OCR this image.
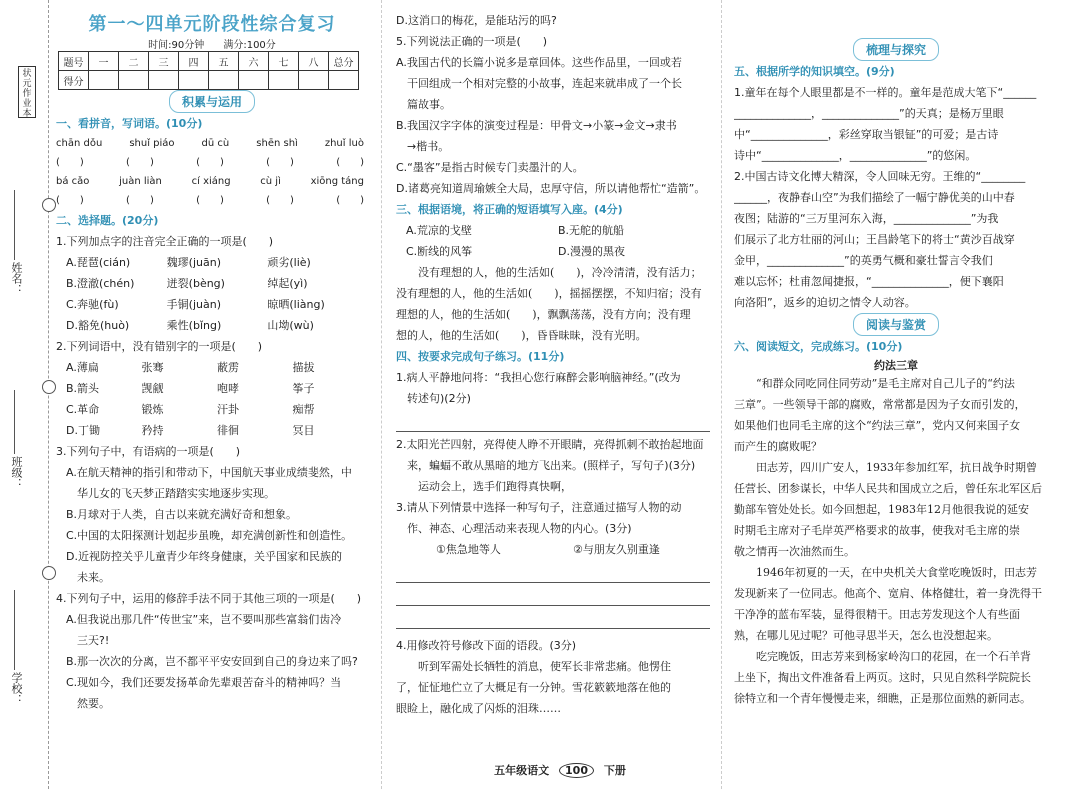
状元作业本
姓名：
班级：
学校：
第一～四单元阶段性综合复习
时间:90分钟 满分:100分
题号	一	二	三	四	五	六	七	八	总分
得分									
积累与运用
一、看拼音，写词语。(10分)
chān dǒu	shuǐ piáo	dū cù	shēn shì	zhuǐ luò
(　　)	(　　)	(　　)	(　　)	(　　)
bá cǎo	juàn liàn	cí xiáng	cù jì	xiōng táng
(　　)	(　　)	(　　)	(　　)	(　　)
二、选择题。(20分)
1.下列加点字的注音完全正确的一项是(　　)
A.琵琶(cián)	魏璆(juān)	顽劣(liè)
B.澄澈(chén)	迸裂(bèng)	绰起(yì)
C.奔驰(fù)	手铜(juàn)	晾晒(liàng)
D.豁免(huò)	乘性(bǐng)	山坳(wù)
2.下列词语中，没有错别字的一项是(　　)
A.薄扁	张骞	蔽雳	描拔
B.箭头	觊觎	咆哮	筝子
C.革命	锻炼	汗卦	痴帮
D.丁锄	矜持	徘徊	冥目
3.下列句子中，有语病的一项是(　　)
A.在航天精神的指引和带动下，中国航天事业成绩斐然，中
　华儿女的飞天梦正踏踏实实地逐步实现。
B.月球对于人类，自古以来就充满好奇和想象。
C.中国的太阳探测计划起步虽晚，却充满创新性和创造性。
D.近视防控关乎儿童青少年终身健康，关乎国家和民族的
　未来。
4.下列句子中，运用的修辞手法不同于其他三项的一项是(　　)
A.但我说出那几件“传世宝”来，岂不要叫那些富翁们齿冷
　三天?!
B.那一次次的分离，岂不都平平安安回到自己的身边来了吗?
C.现如今，我们还要发扬革命先辈艰苦奋斗的精神吗？当
　然要。
D.这消口的梅花，是能玷污的吗?
5.下列说法正确的一项是(　　)
A.我国古代的长篇小说多是章回体。这些作品里，一回或若
　干回组成一个相对完整的小故事，连起来就串成了一个长
　篇故事。
B.我国汉字字体的演变过程是：甲骨文→小篆→金文→隶书
　→楷书。
C.“墨客”是指古时候专门卖墨汁的人。
D.诸葛亮知道周瑜嫉全大局，忠厚守信，所以请他帮忙“造箭”。
三、根据语境，将正确的短语填写入座。(4分)
A.荒凉的戈壁	B.无舵的航船
C.断线的风筝	D.漫漫的黑夜
　　没有理想的人，他的生活如(　　)，冷冷清清，没有活力；
没有理想的人，他的生活如(　　)，摇摇摆摆，不知归宿；没有
理想的人，他的生活如(　　)，飘飘荡荡，没有方向；没有理
想的人，他的生活如(　　)，昏昏昧昧，没有光明。
四、按要求完成句子练习。(11分)
1.病人平静地问将：“我担心您行麻醉会影响脑神经。”(改为
　转述句)(2分)
2.太阳光芒四射，亮得使人睁不开眼睛，亮得抓刺不敢抬起地面
　来，蝙蝠不敢从黑暗的地方飞出来。(照样子，写句子)(3分)
　　运动会上，选手们跑得真快啊，
3.请从下列情景中选择一种写句子，注意通过描写人物的动
　作、神态、心理活动来表现人物的内心。(3分)
①焦急地等人	②与朋友久别重逢
4.用修改符号修改下面的语段。(3分)
　　听到军需处长牺牲的消息，使军长非常悲痛。他愣住
了，怔怔地伫立了大概足有一分钟。雪花簌簌地落在他的
眼睑上，融化成了闪烁的泪珠……
梳理与探究
五、根据所学的知识填空。(9分)
1.童年在每个人眼里都是不一样的。童年是范成大笔下“______
______________，______________”的天真；是杨万里眼
中“______________，彩丝穿取当银钲”的可爱；是古诗
诗中“______________，______________”的悠闲。
2.中国古诗文化博大精深，令人回味无穷。王维的“________
______，夜静春山空”为我们描绘了一幅宁静优美的山中春
夜图；陆游的“三万里河东入海，______________”为我
们展示了北方壮丽的河山；王昌龄笔下的将士“黄沙百战穿
金甲，______________”的英勇气概和豪壮誓言令我们
难以忘怀；杜甫忽闻捷报，“______________，便下襄阳
向洛阳”，返乡的迫切之情令人动容。
阅读与鉴赏
六、阅读短文，完成练习。(10分)
约法三章
　　“和群众同吃同住同劳动”是毛主席对自己儿子的“约法
三章”。一些领导干部的腐败，常常都是因为子女而引发的，
如果他们也同毛主席的这个“约法三章”，党内又何来国子女
而产生的腐败呢？
　　田志芳，四川广安人，1933年参加红军，抗日战争时期曾
任营长、团参谋长，中华人民共和国成立之后，曾任东北军区后
勤部车管处处长。如今回想起，1983年12月他很我说的延安
时期毛主席对子毛岸英严格要求的故事，使我对毛主席的崇
敬之情再一次油然而生。
　　1946年初夏的一天，在中央机关大食堂吃晚饭时，田志芳
发现新来了一位同志。他高个、宽肩、体格健壮，着一身洗得干
干净净的蓝布军装，显得很精干。田志芳发现这个人有些面
熟，在哪儿见过呢？可他寻思半天，怎么也没想起来。
　　吃完晚饭，田志芳来到杨家岭沟口的花园，在一个石羊背
上坐下，掏出文件准备看上两页。这时，只见自然科学院院长
徐特立和一个青年慢慢走来，细瞧，正是那位面熟的新同志。
五年级语文 100 下册
